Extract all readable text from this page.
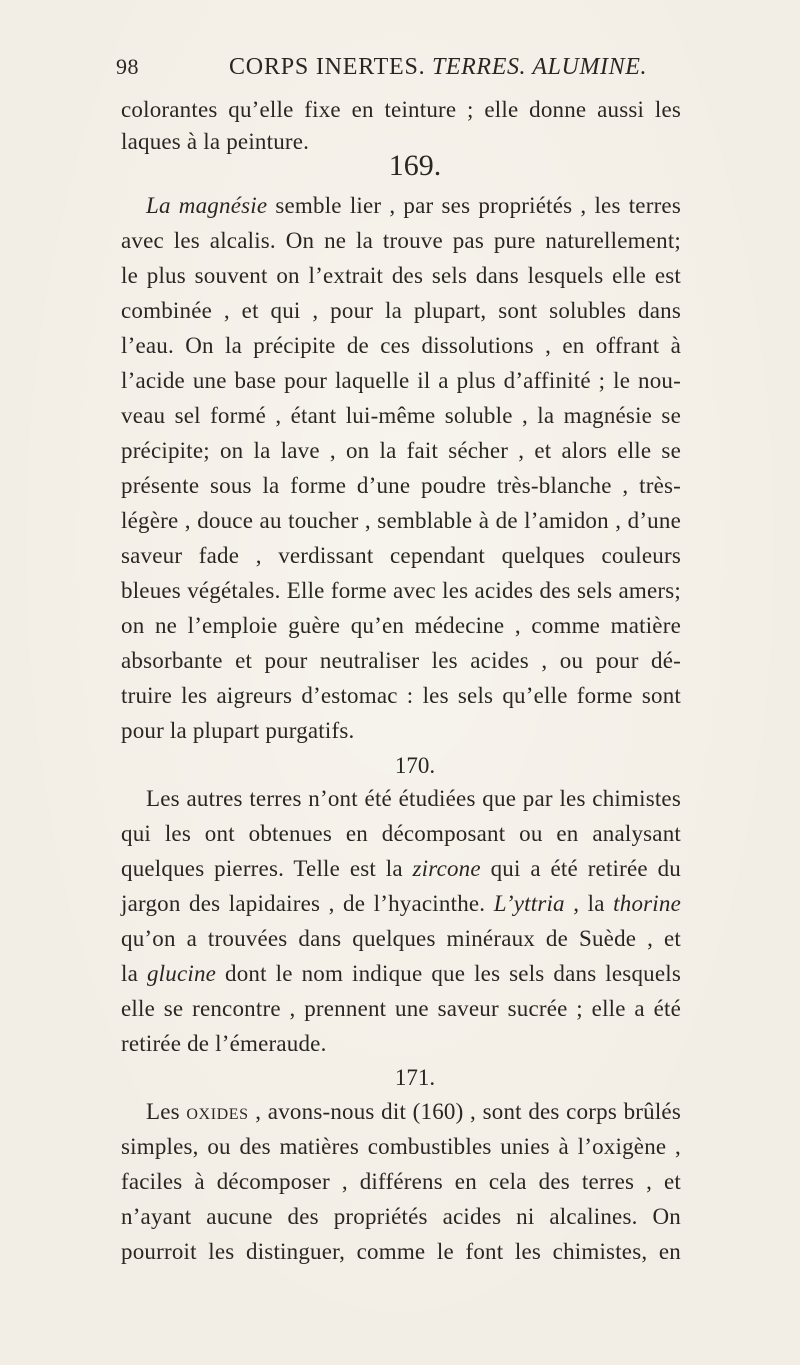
98	CORPS INERTES. TERRES. ALUMINE.
colorantes qu’elle fixe en teinture ; elle donne aussi les
laques à la peinture.
169.
La magnésie semble lier , par ses propriétés , les terres
avec les alcalis. On ne la trouve pas pure naturellement;
le plus souvent on l’extrait des sels dans lesquels elle est
combinée , et qui , pour la plupart, sont solubles dans
l’eau. On la précipite de ces dissolutions , en offrant à
l’acide une base pour laquelle il a plus d’affinité ; le nou-
veau sel formé , étant lui-même soluble , la magnésie se
précipite; on la lave , on la fait sécher , et alors elle se
présente sous la forme d’une poudre très-blanche , très-
légère , douce au toucher , semblable à de l’amidon , d’une
saveur fade , verdissant cependant quelques couleurs
bleues végétales. Elle forme avec les acides des sels amers;
on ne l’emploie guère qu’en médecine , comme matière
absorbante et pour neutraliser les acides , ou pour dé-
truire les aigreurs d’estomac : les sels qu’elle forme sont
pour la plupart purgatifs.
170.
Les autres terres n’ont été étudiées que par les chimistes
qui les ont obtenues en décomposant ou en analysant
quelques pierres. Telle est la zircone qui a été retirée du
jargon des lapidaires , de l’hyacinthe. L’yttria , la thorine
qu’on a trouvées dans quelques minéraux de Suède , et
la glucine dont le nom indique que les sels dans lesquels
elle se rencontre , prennent une saveur sucrée ; elle a été
retirée de l’émeraude.
171.
Les oxides , avons-nous dit (160) , sont des corps brûlés
simples, ou des matières combustibles unies à l’oxigène ,
faciles à décomposer , différens en cela des terres , et
n’ayant aucune des propriétés acides ni alcalines. On
pourroit les distinguer, comme le font les chimistes, en
